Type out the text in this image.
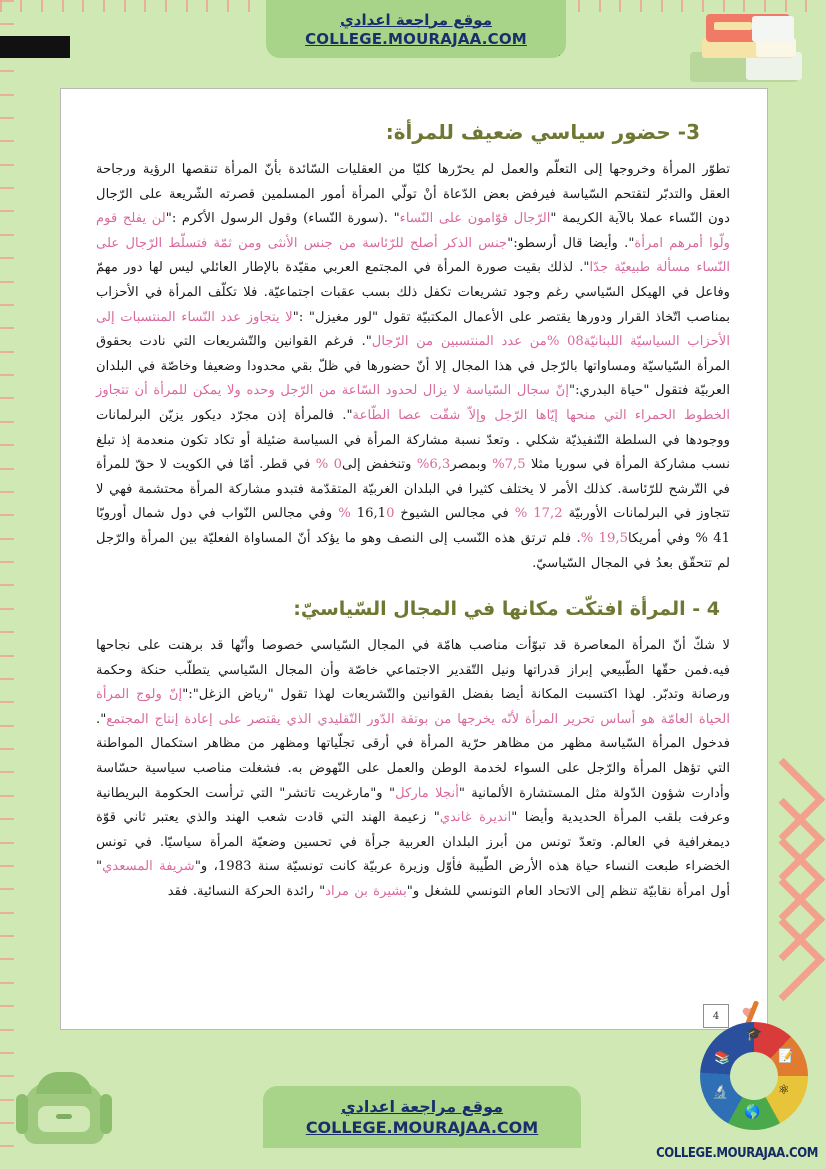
موقع مراجعة اعدادي
COLLEGE.MOURAJAA.COM
3- حضور سياسي ضعيف للمرأة:

تطوّر المرأة وخروجها إلى التعلّم والعمل لم يحرّرها كليّا من العقليات السّائدة بأنّ المرأة تنقصها الرؤية ورجاحة العقل والتدبّر لتقتحم السّياسة فيرفض بعض الدّعاة أنْ تولّي المرأة أمور المسلمين قصرته الشّريعة على الرّجال دون النّساء عملا بالآية الكريمة "الرّجال قوّامون على النّساء" .(سورة النّساء) وقول الرسول الأكرم :"لن يفلح قوم ولّوا أمرهم امرأة". وأيضا قال أرسطو:"جنس الذكر أصلح للرّئاسة من جنس الأنثى ومن ثمّة فتسلّط الرّجال على النّساء مسألة طبيعيّة جدّا". لذلك بقيت صورة المرأة في المجتمع العربي مقيّدة بالإطار العائلي ليس لها دور مهمّ وفاعل في الهيكل السّياسي رغم وجود تشريعات تكفل ذلك بسب عقبات اجتماعيّة. فلا تكلّف المرأة في الأحزاب بمناصب اتّخاذ القرار ودورها يقتصر على الأعمال المكتبيّة تقول "لور مغيزل" :"لا يتجاوز عدد النّساء المنتسبات إلى الأحزاب السياسيّة اللبنانيّة08 %من عدد المنتسبين من الرّجال". فرغم القوانين والتّشريعات التي نادت بحقوق المرأة السّياسيّة ومساواتها بالرّجل في هذا المجال إلا أنّ حضورها في ظلّ بقي محدودا وضعيفا وخاصّة في البلدان العربيّة فتقول "حياة البدري:"إنّ سجال السّياسة لا يزال لحدود السّاعة من الرّجل وحده ولا يمكن للمرأة أن تتجاوز الخطوط الحمراء التي منحها إيّاها الرّجل وإلاّ شقّت عصا الطّاعة". فالمرأة إذن مجرّد ديكور يزيّن البرلمانات ووجودها في السلطة التّنفيذيّة شكلي . وتعدّ نسبة مشاركة المرأة في السياسة ضئيلة أو تكاد تكون منعدمة إذ تبلغ نسب مشاركة المرأة في سوريا مثلا 7,5% وبمصر6,3% وتنخفض إلى0 % في قطر. أمّا في الكويت لا حقّ للمرأة في التّرشح للرّئاسة. كذلك الأمر لا يختلف كثيرا في البلدان الغربيّة المتقدّمة فتبدو مشاركة المرأة محتشمة فهي لا تتجاوز في البرلمانات الأوربيّة 17,2 % في مجالس الشيوخ 16,10 % وفي مجالس النّواب في دول شمال أوروبّا 41 % وفي أمريكا19,5 %. فلم ترتق هذه النّسب إلى النصف وهو ما يؤكد أنّ المساواة الفعليّة بين المرأة والرّجل لم تتحقّق بعدُ في المجال السّياسيّ.

4 - المرأة افتكّت مكانها في المجال السّياسيّ:

لا شكّ أنّ المرأة المعاصرة قد تبوّأت مناصب هامّة في المجال السّياسي خصوصا وأنّها قد برهنت على نجاحها فيه.فمن حقّها الطّبيعي إبراز قدراتها ونيل التّقدير الاجتماعي خاصّة وأن المجال السّياسي يتطلّب حنكة وحكمة ورصانة وتدبّر. لهذا اكتسبت المكانة أيضا بفضل القوانين والتّشريعات لهذا تقول "رياض الزغل":"إنّ ولوج المرأة الحياة العامّة هو أساس تحرير المرأة لأنّه يخرجها من بوتقة الدّور التّقليدي الذي يقتصر على إعادة إنتاج المجتمع". فدخول المرأة السّياسة مظهر من مظاهر حرّية المرأة في أرقى تجلّياتها ومظهر من مظاهر استكمال المواطنة التي تؤهل المرأة والرّجل على السواء لخدمة الوطن والعمل على النّهوض به. فشغلت مناصب سياسية حسّاسة وأدارت شؤون الدّولة مثل المستشارة الألمانية "أنجلا ماركل" و"مارغريت تاتشر" التي ترأست الحكومة البريطانية وعرفت بلقب المرأة الحديدية وأيضا "انديرة غاندي" زعيمة الهند التي قادت شعب الهند والذي يعتبر ثاني قوّة ديمغرافية في العالم. وتعدّ تونس من أبرز البلدان العربية جرأة في تحسين وضعيّة المرأة سياسيّا. في تونس الخضراء طبعت النساء حياة هذه الأرض الطّيبة فأوّل وزيرة عربيّة كانت تونسيّة سنة 1983، و"شريفة المسعدي" أول امرأة نقابيّة تنظم إلى الاتحاد العام التونسي للشغل و"بشيرة بن مراد" رائدة الحركة النسائية. فقد

4
موقع مراجعة اعدادي
COLLEGE.MOURAJAA.COM
🎓
📚
🔬
🌎
⚛
📝
COLLEGE.MOURAJAA.COM
